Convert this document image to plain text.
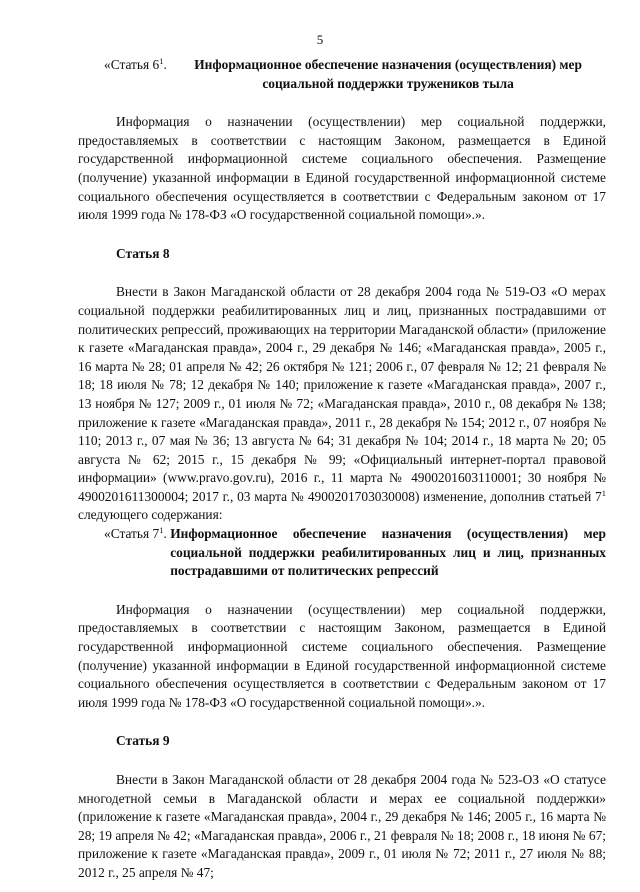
5
«Статья $6^1$.	Информационное обеспечение назначения (осуществления) мер социальной поддержки тружеников тыла

Информация о назначении (осуществлении) мер социальной поддержки, предоставляемых в соответствии с настоящим Законом, размещается в Единой государственной информационной системе социального обеспечения. Размещение (получение) указанной информации в Единой государственной информационной системе социального обеспечения осуществляется в соответствии с Федеральным законом от 17 июля 1999 года № 178-ФЗ «О государственной социальной помощи».».

Статья 8

Внести в Закон Магаданской области от 28 декабря 2004 года № 519-ОЗ «О мерах социальной поддержки реабилитированных лиц и лиц, признанных пострадавшими от политических репрессий, проживающих на территории Магаданской области» (приложение к газете «Магаданская правда», 2004 г., 29 декабря № 146; «Магаданская правда», 2005 г., 16 марта № 28; 01 апреля № 42; 26 октября № 121; 2006 г., 07 февраля № 12; 21 февраля № 18; 18 июля № 78; 12 декабря № 140; приложение к газете «Магаданская правда», 2007 г., 13 ноября № 127; 2009 г., 01 июля № 72; «Магаданская правда», 2010 г., 08 декабря № 138; приложение к газете «Магаданская правда», 2011 г., 28 декабря № 154; 2012 г., 07 ноября № 110; 2013 г., 07 мая № 36; 13 августа № 64; 31 декабря № 104; 2014 г., 18 марта № 20; 05 августа № 62; 2015 г., 15 декабря № 99; «Официальный интернет-портал правовой информации» (www.pravo.gov.ru), 2016 г., 11 марта № 4900201603110001; 30 ноября № 4900201611300004; 2017 г., 03 марта № 4900201703030008) изменение, дополнив статьей $7^1$ следующего содержания:

«Статья $7^1$. Информационное обеспечение назначения (осуществления) мер социальной поддержки реабилитированных лиц и лиц, признанных пострадавшими от политических репрессий

Информация о назначении (осуществлении) мер социальной поддержки, предоставляемых в соответствии с настоящим Законом, размещается в Единой государственной информационной системе социального обеспечения. Размещение (получение) указанной информации в Единой государственной информационной системе социального обеспечения осуществляется в соответствии с Федеральным законом от 17 июля 1999 года № 178-ФЗ «О государственной социальной помощи».».

Статья 9

Внести в Закон Магаданской области от 28 декабря 2004 года № 523-ОЗ «О статусе многодетной семьи в Магаданской области и мерах ее социальной поддержки» (приложение к газете «Магаданская правда», 2004 г., 29 декабря № 146; 2005 г., 16 марта № 28; 19 апреля № 42; «Магаданская правда», 2006 г., 21 февраля № 18; 2008 г., 18 июня № 67; приложение к газете «Магаданская правда», 2009 г., 01 июля № 72; 2011 г., 27 июля № 88; 2012 г., 25 апреля № 47;
